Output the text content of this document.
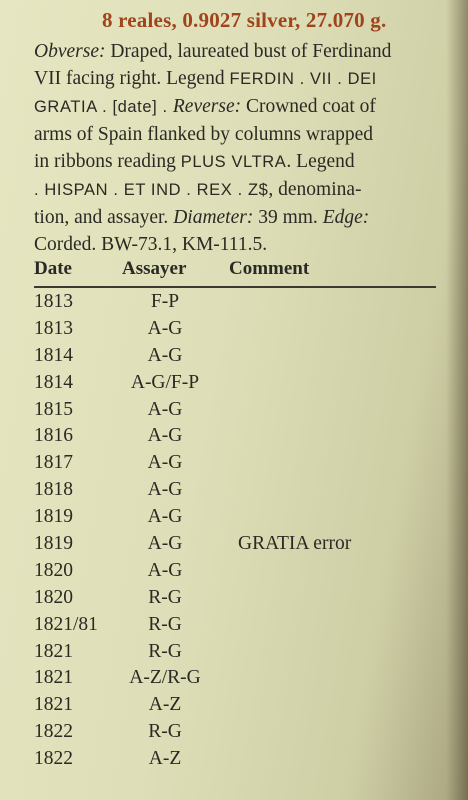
8 reales, 0.9027 silver, 27.070 g.
Obverse: Draped, laureated bust of Ferdinand
VII facing right. Legend FERDIN . VII . DEI
GRATIA . [date] . Reverse: Crowned coat of
arms of Spain flanked by columns wrapped
in ribbons reading PLUS VLTRA. Legend
. HISPAN . ET IND . REX . Z$, denomina-
tion, and assayer. Diameter: 39 mm. Edge:
Corded. BW-73.1, KM-111.5.
Date	Assayer Comment
1813	F-P
1813	A-G
1814	A-G
1814	A-G/F-P
1815	A-G
1816	A-G
1817	A-G
1818	A-G
1819	A-G
1819	A-G	GRATIA error
1820	A-G
1820	R-G
1821/81	R-G
1821	R-G
1821	A-Z/R-G
1821	A-Z
1822	R-G
1822	A-Z
